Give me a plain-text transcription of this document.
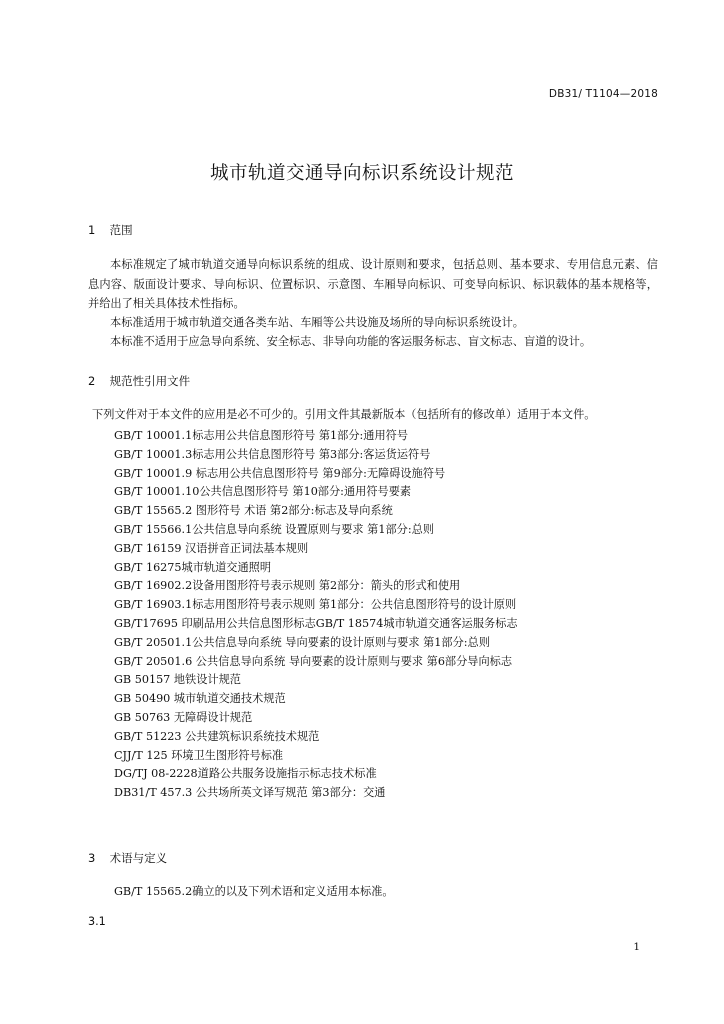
DB31/ T1104—2018
城市轨道交通导向标识系统设计规范
1 范围

本标准规定了城市轨道交通导向标识系统的组成、设计原则和要求，包括总则、基本要求、专用信息元素、信息内容、版面设计要求、导向标识、位置标识、示意图、车厢导向标识、可变导向标识、标识载体的基本规格等，并给出了相关具体技术性指标。

本标准适用于城市轨道交通各类车站、车厢等公共设施及场所的导向标识系统设计。

本标准不适用于应急导向系统、安全标志、非导向功能的客运服务标志、盲文标志、盲道的设计。

2 规范性引用文件
下列文件对于本文件的应用是必不可少的。引用文件其最新版本（包括所有的修改单）适用于本文件。
GB/T 10001.1标志用公共信息图形符号 第1部分:通用符号
GB/T 10001.3标志用公共信息图形符号 第3部分:客运货运符号
GB/T 10001.9 标志用公共信息图形符号 第9部分:无障碍设施符号
GB/T 10001.10公共信息图形符号 第10部分:通用符号要素
GB/T 15565.2 图形符号 术语 第2部分:标志及导向系统
GB/T 15566.1公共信息导向系统 设置原则与要求 第1部分:总则
GB/T 16159 汉语拼音正词法基本规则
GB/T 16275城市轨道交通照明
GB/T 16902.2设备用图形符号表示规则 第2部分：箭头的形式和使用
GB/T 16903.1标志用图形符号表示规则 第1部分：公共信息图形符号的设计原则
GB/T17695 印刷品用公共信息图形标志GB/T 18574城市轨道交通客运服务标志
GB/T 20501.1公共信息导向系统 导向要素的设计原则与要求 第1部分:总则
GB/T 20501.6 公共信息导向系统 导向要素的设计原则与要求 第6部分导向标志
GB 50157 地铁设计规范
GB 50490 城市轨道交通技术规范
GB 50763 无障碍设计规范
GB/T 51223 公共建筑标识系统技术规范
CJJ/T 125 环境卫生图形符号标准
DG/TJ 08-2228道路公共服务设施指示标志技术标准
DB31/T 457.3 公共场所英文译写规范 第3部分：交通
3 术语与定义
GB/T 15565.2确立的以及下列术语和定义适用本标准。
3.1
1
